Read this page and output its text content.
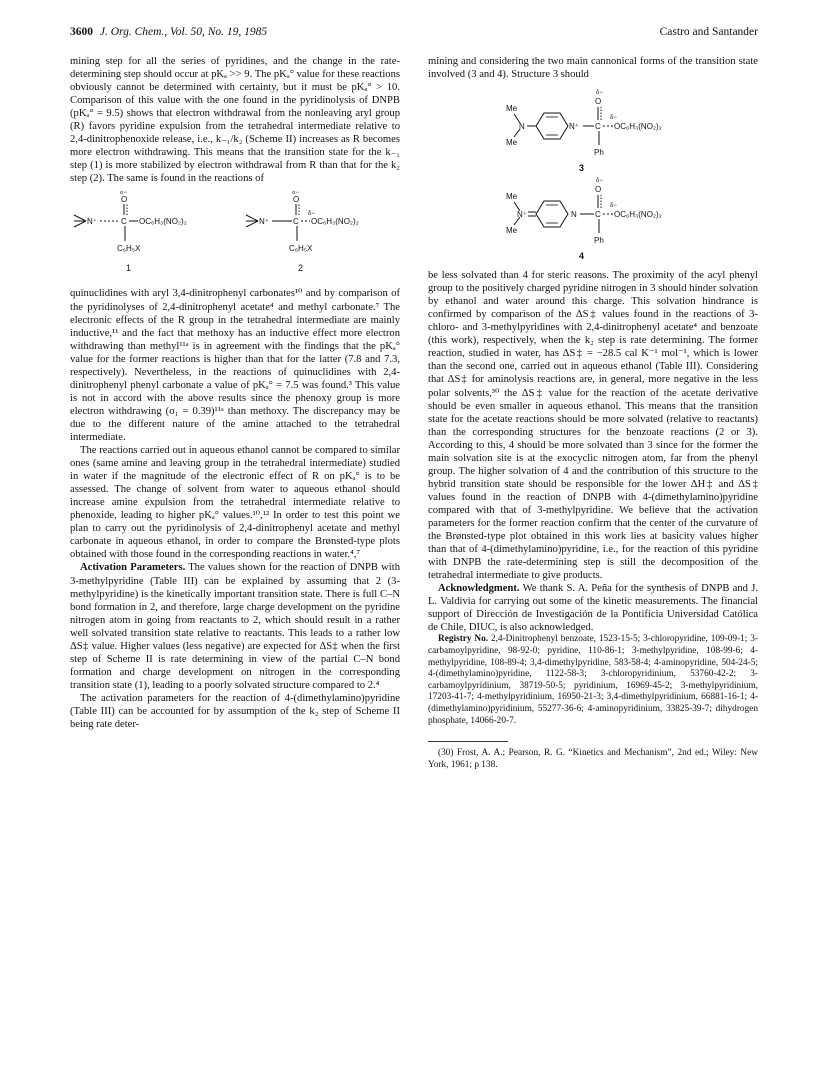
3600 J. Org. Chem., Vol. 50, No. 19, 1985	Castro and Santander

mining step for all the series of pyridines, and the change in the rate-determining step should occur at pKₐ >> 9. The pKₐ° value for these reactions obviously cannot be determined with certainty, but it must be pKₐ° > 10. Comparison of this value with the one found in the pyridinolysis of DNPB (pKₐ° = 9.5) shows that electron withdrawal from the nonleaving aryl group (R) favors pyridine expulsion from the tetrahedral intermediate relative to 2,4-dinitrophenoxide release, i.e., k₋₁/k₂ (Scheme II) increases as R becomes more electron withdrawing. This means that the transition state for the k₋₁ step (1) is more stabilized by electron withdrawal from R than that for the k₂ step (2). The same is found in the reactions of

N⁺	C
O
δ−
OC₆H₃(NO₂)₂
C₆H₅X
1
N⁺	C
O
δ−
δ−
OC₆H₃(NO₂)₂
C₆H₅X
2

quinuclidines with aryl 3,4-dinitrophenyl carbonates¹⁰ and by comparison of the pyridinolyses of 2,4-dinitrophenyl acetate⁴ and methyl carbonate.⁷ The electronic effects of the R group in the tetrahedral intermediate are mainly inductive,¹¹ and the fact that methoxy has an inductive effect more electron withdrawing than methyl¹¹ᵃ is in agreement with the findings that the pKₐ° value for the former reactions is higher than that for the latter (7.8 and 7.3, respectively). Nevertheless, in the reactions of quinuclidines with 2,4-dinitrophenyl phenyl carbonate a value of pKₐ° = 7.5 was found.³ This value is not in accord with the above results since the phenoxy group is more electron withdrawing (σ₁ = 0.39)¹¹ᵃ than methoxy. The discrepancy may be due to the different nature of the amine attached to the tetrahedral intermediate.

The reactions carried out in aqueous ethanol cannot be compared to similar ones (same amine and leaving group in the tetrahedral intermediate) studied in water if the magnitude of the electronic effect of R on pKₐ° is to be assessed. The change of solvent from water to aqueous ethanol should increase amine expulsion from the tetrahedral intermediate relative to phenoxide, leading to higher pKₐ° values.¹⁰,¹² In order to test this point we plan to carry out the pyridinolysis of 2,4-dinitrophenyl acetate and methyl carbonate in aqueous ethanol, in order to compare the Brønsted-type plots obtained with those found in the corresponding reactions in water.⁴,⁷

Activation Parameters. The values shown for the reaction of DNPB with 3-methylpyridine (Table III) can be explained by assuming that 2 (3-methylpyridine) is the kinetically important transition state. There is full C–N bond formation in 2, and therefore, large charge development on the pyridine nitrogen atom in going from reactants to 2, which should result in a rather well solvated transition state relative to reactants. This leads to a rather low ΔS‡ value. Higher values (less negative) are expected for ΔS‡ when the first step of Scheme II is rate determining in view of the partial C–N bond formation and charge development on nitrogen in the corresponding transition state (1), leading to a poorly solvated structure compared to 2.⁴

The activation parameters for the reaction of 4-(dimethylamino)pyridine (Table III) can be accounted for by assumption of the k₂ step of Scheme II being rate deter-

mining and considering the two main cannonical forms of the transition state involved (3 and 4). Structure 3 should

Me
Me
N	N⁺ C
O
δ−
δ−
OC₆H₃(NO₂)₂
Ph
3
Me
Me
N⁺	N C
O
δ−
δ−
OC₆H₃(NO₂)₂
Ph
4

be less solvated than 4 for steric reasons. The proximity of the acyl phenyl group to the positively charged pyridine nitrogen in 3 should hinder solvation by ethanol and water around this charge. This solvation hindrance is confirmed by comparison of the ΔS‡ values found in the reactions of 3-chloro- and 3-methylpyridines with 2,4-dinitrophenyl acetate⁴ and benzoate (this work), respectively, when the k₂ step is rate determining. The former reaction, studied in water, has ΔS‡ = −28.5 cal K⁻¹ mol⁻¹, which is lower than the second one, carried out in aqueous ethanol (Table III). Considering that ΔS‡ for aminolysis reactions are, in general, more negative in the less polar solvents,³⁰ the ΔS‡ value for the reaction of the acetate derivative should be even smaller in aqueous ethanol. This means that the transition state for the acetate reactions should be more solvated (relative to reactants) than the corresponding structures for the benzoate reactions (2 or 3). According to this, 4 should be more solvated than 3 since for the former the main solvation site is at the exocyclic nitrogen atom, far from the phenyl group. The higher solvation of 4 and the contribution of this structure to the hybrid transition state should be responsible for the lower ΔH‡ and ΔS‡ values found in the reaction of DNPB with 4-(dimethylamino)pyridine compared with that of 3-methylpyridine. We believe that the activation parameters for the former reaction confirm that the center of the curvature of the Brønsted-type plot obtained in this work lies at basicity values higher than that of 4-(dimethylamino)pyridine, i.e., for the reaction of this pyridine with DNPB the rate-determining step is still the decomposition of the tetrahedral intermediate to give products.

Acknowledgment. We thank S. A. Peña for the synthesis of DNPB and J. L. Valdivia for carrying out some of the kinetic measurements. The financial support of Dirección de Investigación de la Pontificia Universidad Católica de Chile, DIUC, is also acknowledged.

Registry No. 2,4-Dinitrophenyl benzoate, 1523-15-5; 3-chloropyridine, 109-09-1; 3-carbamoylpyridine, 98-92-0; pyridine, 110-86-1; 3-methylpyridine, 108-99-6; 4-methylpyridine, 108-89-4; 3,4-dimethylpyridine, 583-58-4; 4-aminopyridine, 504-24-5; 4-(dimethylamino)pyridine, 1122-58-3; 3-chloropyridinium, 53760-42-2; 3-carbamoylpyridinium, 38719-50-5; pyridinium, 16969-45-2; 3-methylpyridinium, 17203-41-7; 4-methylpyridinium, 16950-21-3; 3,4-dimethylpyridinium, 66881-16-1; 4-(dimethylamino)pyridinium, 55277-36-6; 4-aminopyridinium, 33825-39-7; dihydrogen phosphate, 14066-20-7.

(30) Frost, A. A.; Pearson, R. G. “Kinetics and Mechanism”, 2nd ed.; Wiley: New York, 1961; p 138.
